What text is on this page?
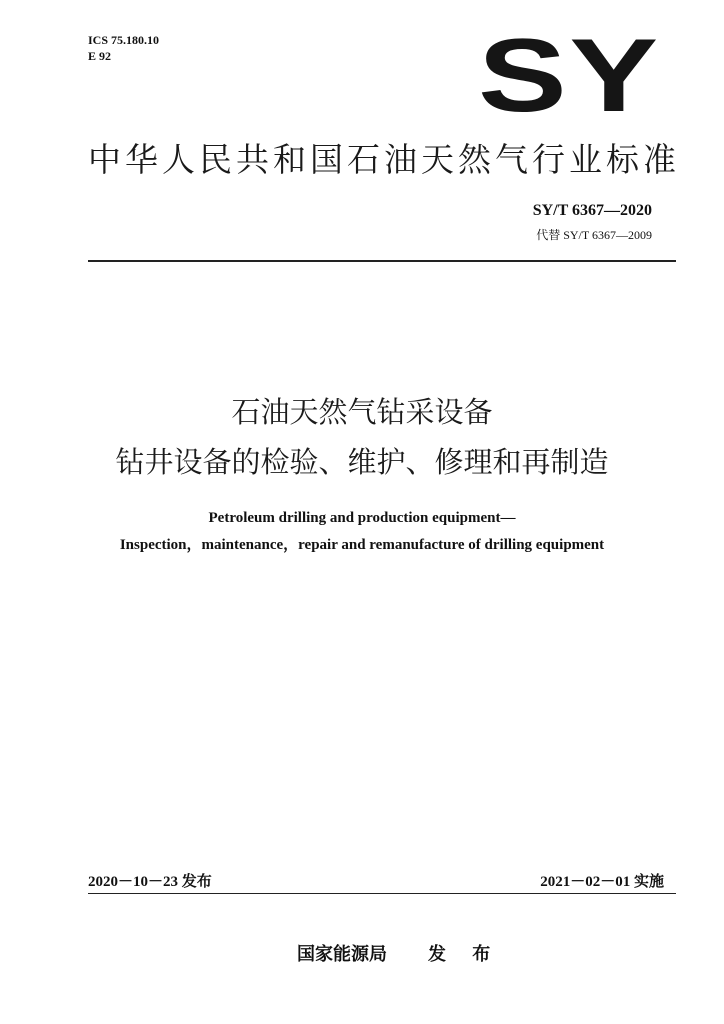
ICS 75.180.10
E 92	SY
中华人民共和国石油天然气行业标准
SY/T 6367—2020
代替 SY/T 6367—2009
石油天然气钻采设备
钻井设备的检验、维护、修理和再制造
Petroleum drilling and production equipment—
Inspection，maintenance，repair and remanufacture of drilling equipment
2020－10－23 发布	2021－02－01 实施
国家能源局 发 布
